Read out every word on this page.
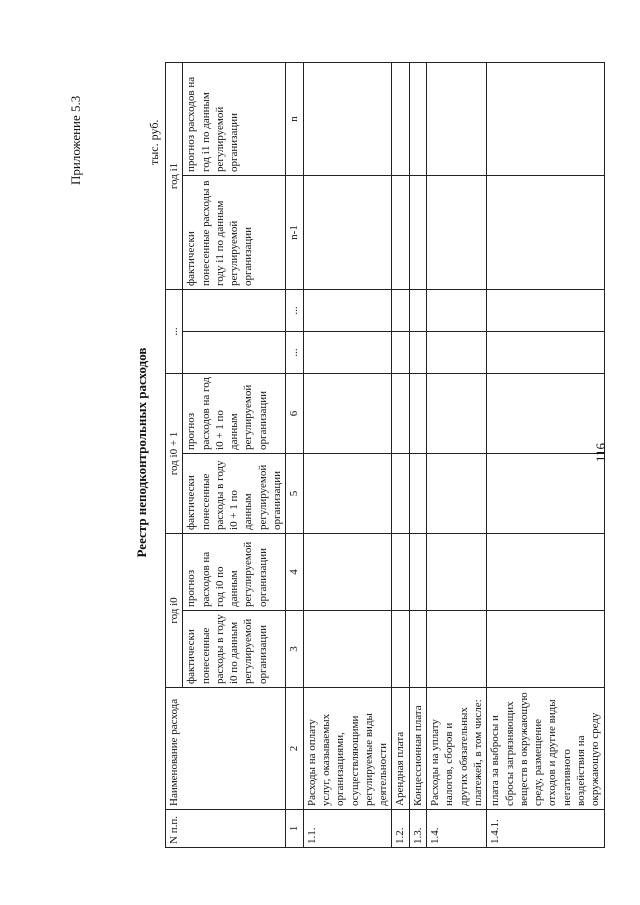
Приложение 5.3
Реестр неподконтрольных расходов
тыс. руб.
N п.п.	Наименование расхода	год i0		год i0 + 1		...		год i1	
		фактически понесенные расходы в году i0 по данным регулируемой организации	прогноз расходов на год i0 по данным регулируемой организации	фактически понесенные расходы в году i0 + 1 по данным регулируемой организации	прогноз расходов на год i0 + 1 по данным регулируемой организации			фактически понесенные расходы в году i1 по данным регулируемой организации	прогноз расходов на год i1 по данным регулируемой организации
1	2	3	4	5	6	...	...	n-1	n
1.1.	Расходы на оплату услуг, оказываемых организациями, осуществляющими регулируемые виды деятельности								
1.2.	Арендная плата								
1.3.	Концессионная плата								
1.4.	Расходы на уплату налогов, сборов и других обязательных платежей, в том числе:								
1.4.1.	плата за выбросы и сбросы загрязняющих веществ в окружающую среду, размещение отходов и другие виды негативного воздействия на окружающую среду								
116
